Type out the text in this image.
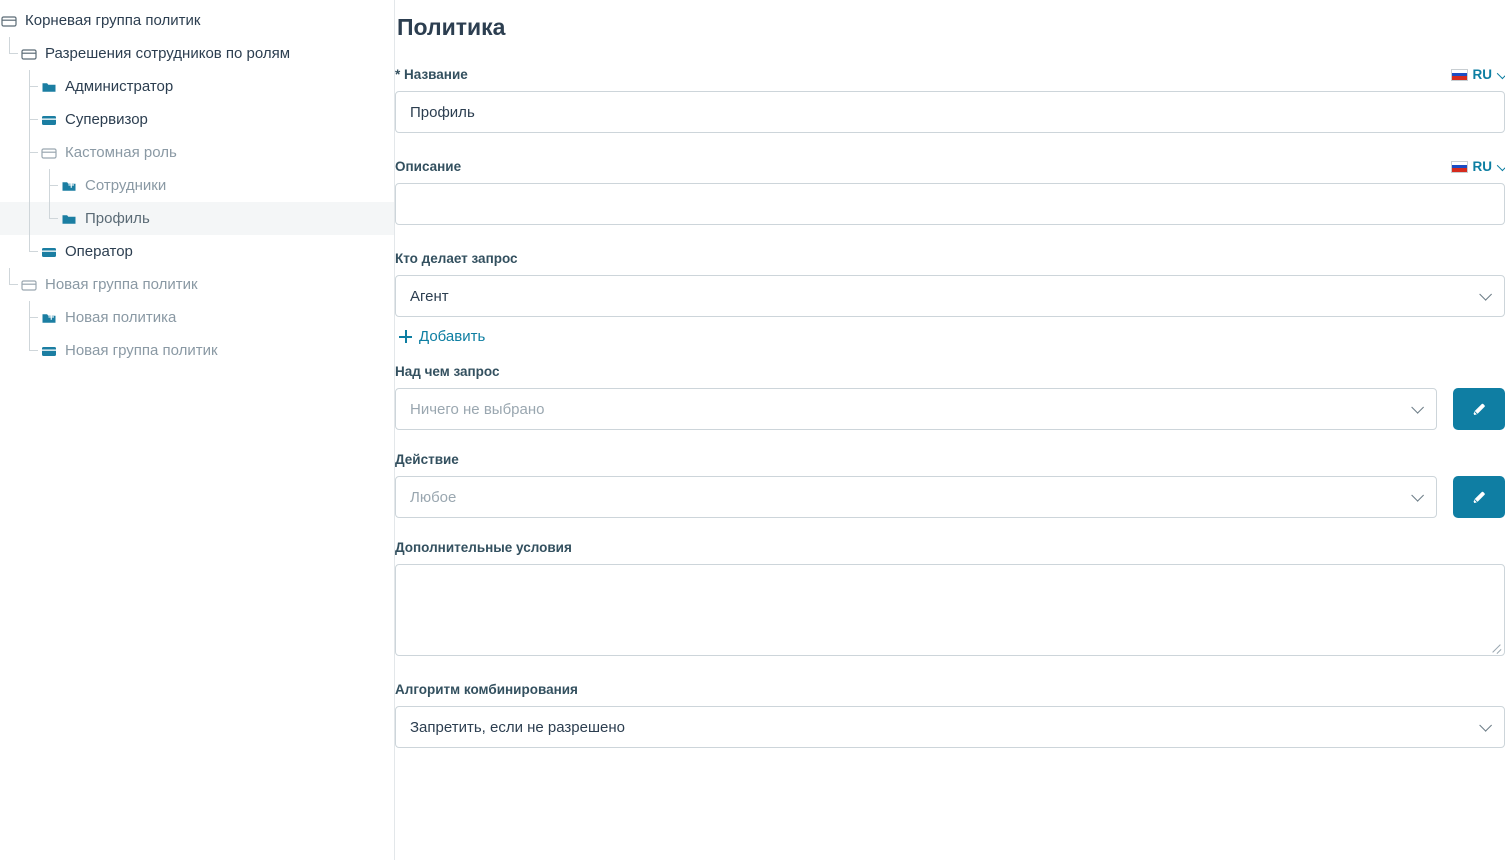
Корневая группа политик
Разрешения сотрудников по ролям
Администратор
Супервизор
Кастомная роль
Сотрудники
Профиль
Оператор
Новая группа политик
Новая политика
Новая группа политик
Политика
* Название	RU
Профиль
Описание	RU
Кто делает запрос
Агент
Добавить
Над чем запрос
Ничего не выбрано
Действие
Любое
Дополнительные условия
Алгоритм комбинирования
Запретить, если не разрешено
